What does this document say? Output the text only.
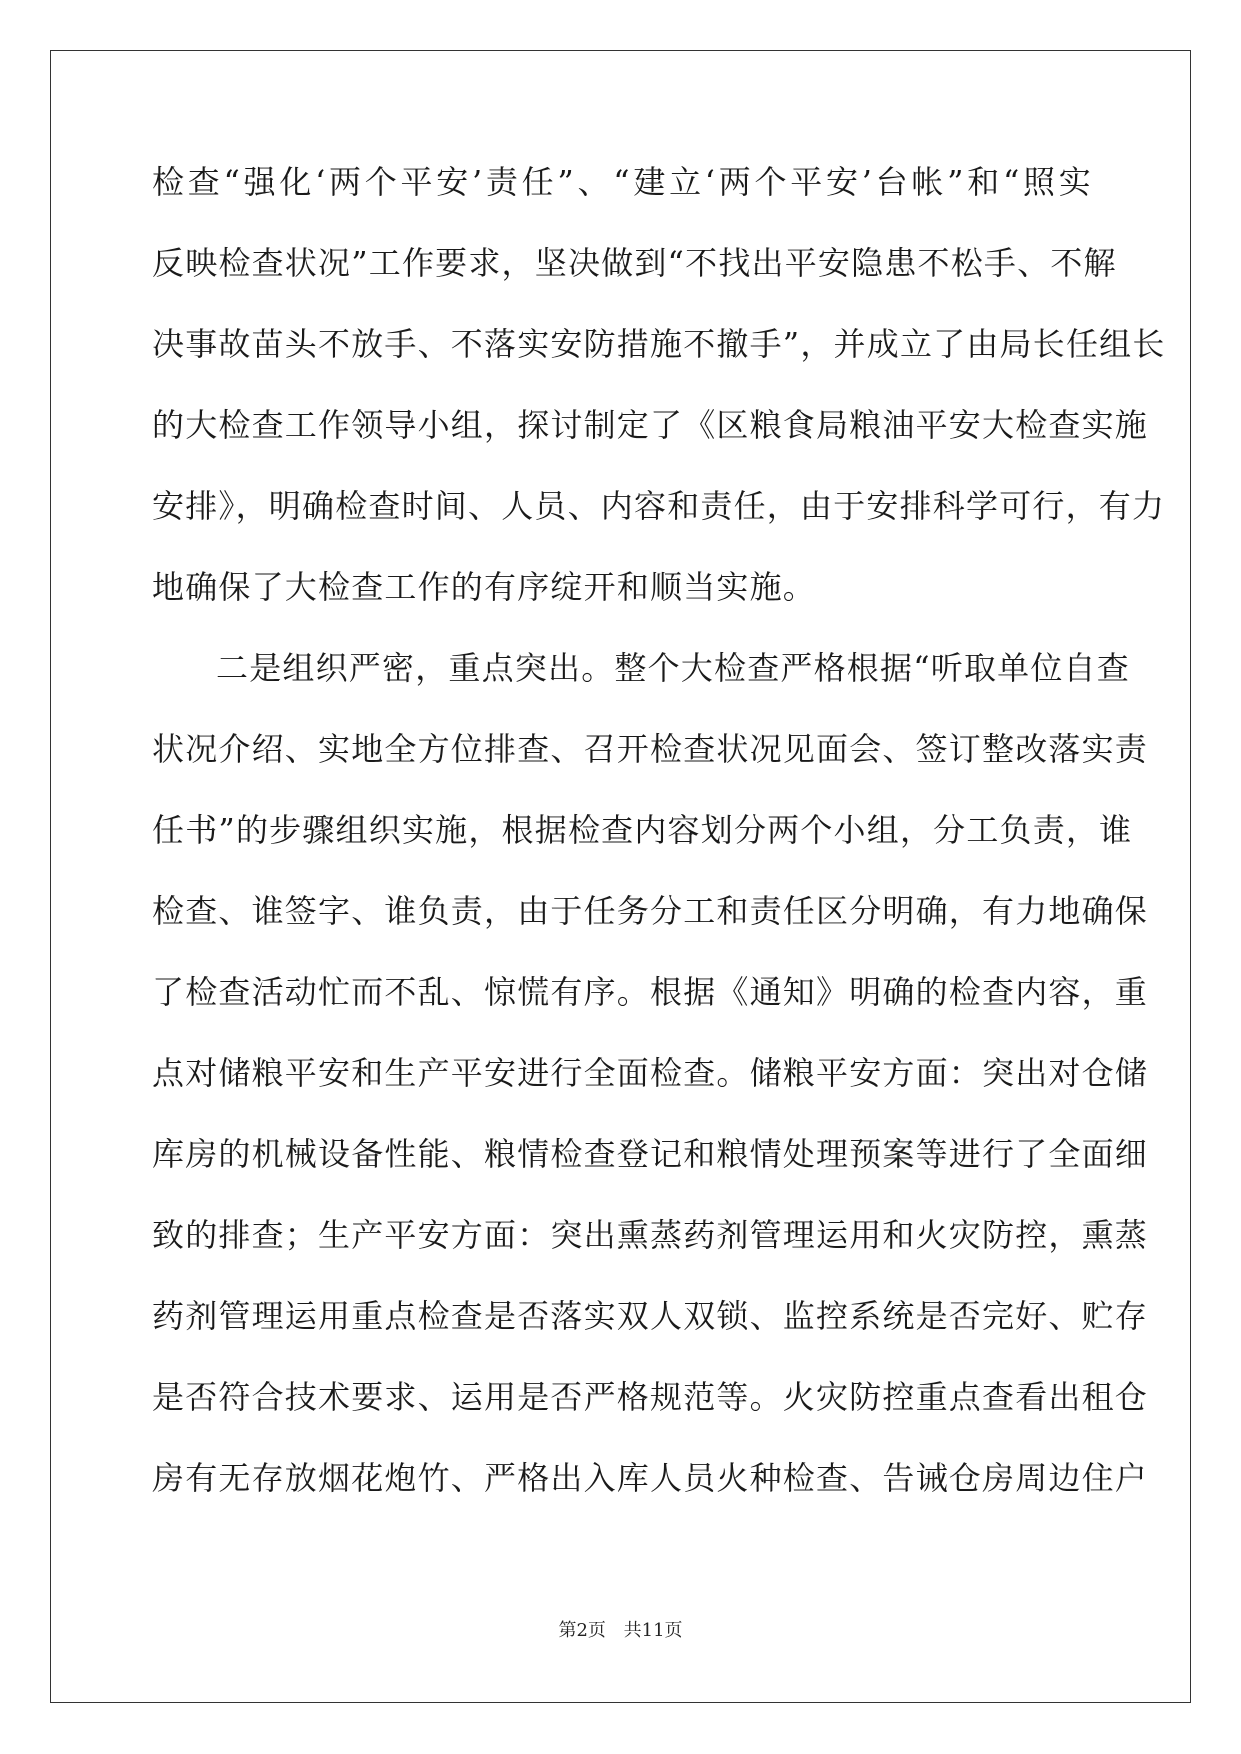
检查“强化‘两个平安’责任”、“建立‘两个平安’台帐”和“照实
反映检查状况”工作要求，坚决做到“不找出平安隐患不松手、不解
决事故苗头不放手、不落实安防措施不撤手”，并成立了由局长任组长
的大检查工作领导小组，探讨制定了《区粮食局粮油平安大检查实施
安排》，明确检查时间、人员、内容和责任，由于安排科学可行，有力
地确保了大检查工作的有序绽开和顺当实施。
二是组织严密，重点突出。整个大检查严格根据“听取单位自查
状况介绍、实地全方位排查、召开检查状况见面会、签订整改落实责
任书”的步骤组织实施，根据检查内容划分两个小组，分工负责，谁
检查、谁签字、谁负责，由于任务分工和责任区分明确，有力地确保
了检查活动忙而不乱、惊慌有序。根据《通知》明确的检查内容，重
点对储粮平安和生产平安进行全面检查。储粮平安方面：突出对仓储
库房的机械设备性能、粮情检查登记和粮情处理预案等进行了全面细
致的排查；生产平安方面：突出熏蒸药剂管理运用和火灾防控，熏蒸
药剂管理运用重点检查是否落实双人双锁、监控系统是否完好、贮存
是否符合技术要求、运用是否严格规范等。火灾防控重点查看出租仓
房有无存放烟花炮竹、严格出入库人员火种检查、告诫仓房周边住户
第2页 共11页
